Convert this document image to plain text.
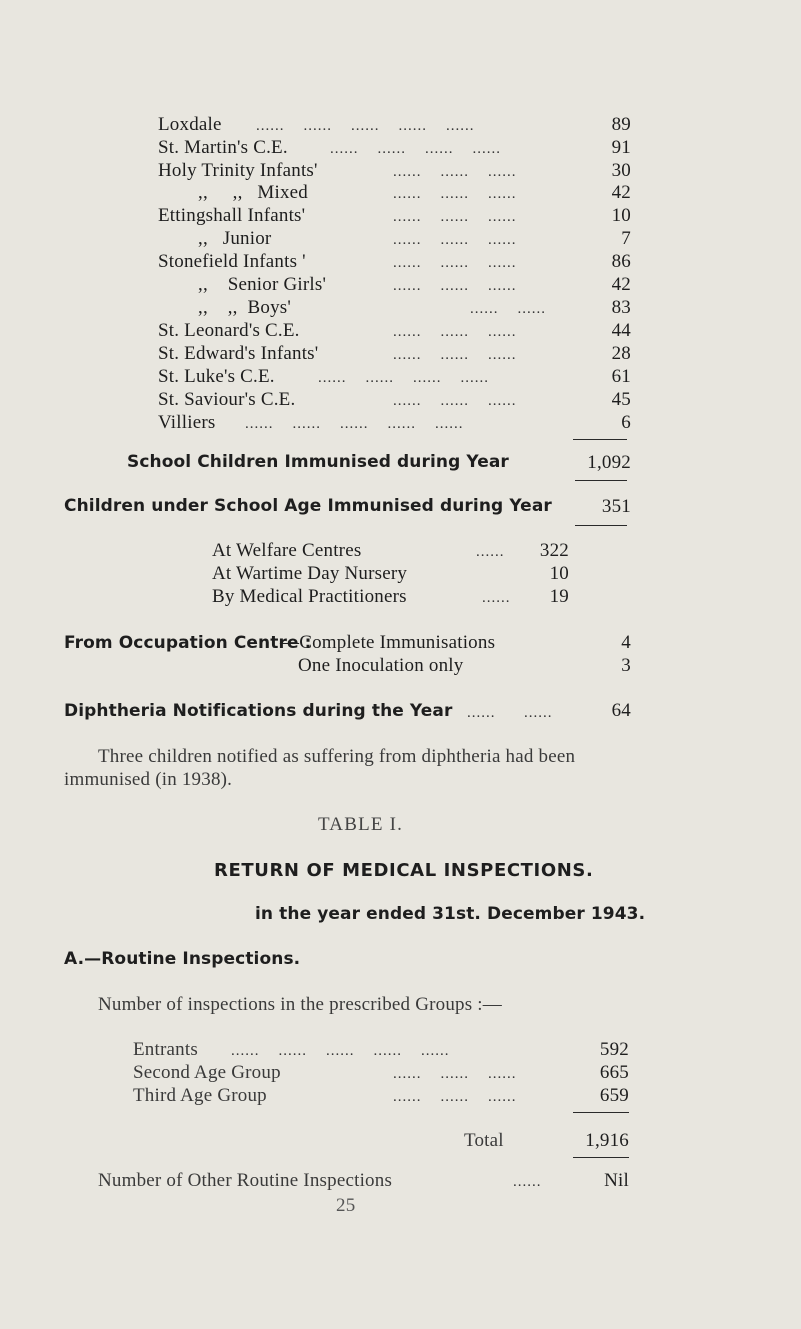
Loxdale ......    ......    ......    ......    ......	89
St. Martin's C.E.	......    ......    ......    ......	91
Holy Trinity Infants'	......    ......    ......	30
,,     ,,   Mixed	......    ......    ......	42
Ettingshall Infants'	......    ......    ......	10
,,   Junior	......    ......    ......	7
Stonefield Infants '	......    ......    ......	86
,,    Senior Girls'	......    ......    ......	42
,,    ,,  Boys'	......    ......	83
St. Leonard's C.E.	......    ......    ......	44
St. Edward's Infants'	......    ......    ......	28
St. Luke's C.E.	......    ......    ......    ......	61
St. Saviour's C.E.	......    ......    ......	45
Villiers ......    ......    ......    ......    ......	6
School Children Immunised during Year	1,092
Children under School Age Immunised during Year	351
At Welfare Centres	...... 322
At Wartime Day Nursery	10
By Medical Practitioners	...... 19
From Occupation Centre :
—Complete Immunisations	4
One Inoculation only	3
Diphtheria Notifications during the Year ......      ......	64
Three children notified as suffering from diphtheria had been
immunised (in 1938).
TABLE I.
RETURN OF MEDICAL INSPECTIONS.
in the year ended 31st. December 1943.
A.—Routine Inspections.
Number of inspections in the prescribed Groups :—
Entrants ......    ......    ......    ......    ......	592
Second Age Group	......    ......    ......	665
Third Age Group	......    ......    ......	659
Total	1,916
Number of Other Routine Inspections	......	Nil
25
